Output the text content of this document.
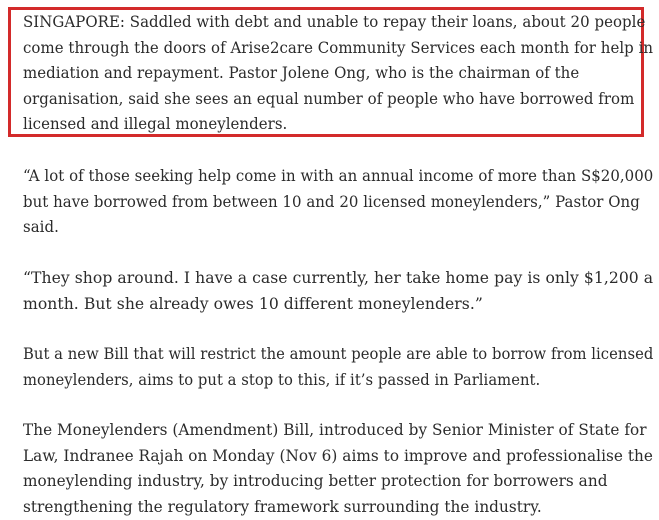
SINGAPORE: Saddled with debt and unable to repay their loans, about 20 people
come through the doors of Arise2care Community Services each month for help in
mediation and repayment. Pastor Jolene Ong, who is the chairman of the
organisation, said she sees an equal number of people who have borrowed from
licensed and illegal moneylenders.

“A lot of those seeking help come in with an annual income of more than S$20,000
but have borrowed from between 10 and 20 licensed moneylenders,” Pastor Ong
said.

“They shop around. I have a case currently, her take home pay is only $1,200 a
month. But she already owes 10 different moneylenders.”

But a new Bill that will restrict the amount people are able to borrow from licensed
moneylenders, aims to put a stop to this, if it’s passed in Parliament.

The Moneylenders (Amendment) Bill, introduced by Senior Minister of State for
Law, Indranee Rajah on Monday (Nov 6) aims to improve and professionalise the
moneylending industry, by introducing better protection for borrowers and
strengthening the regulatory framework surrounding the industry.
